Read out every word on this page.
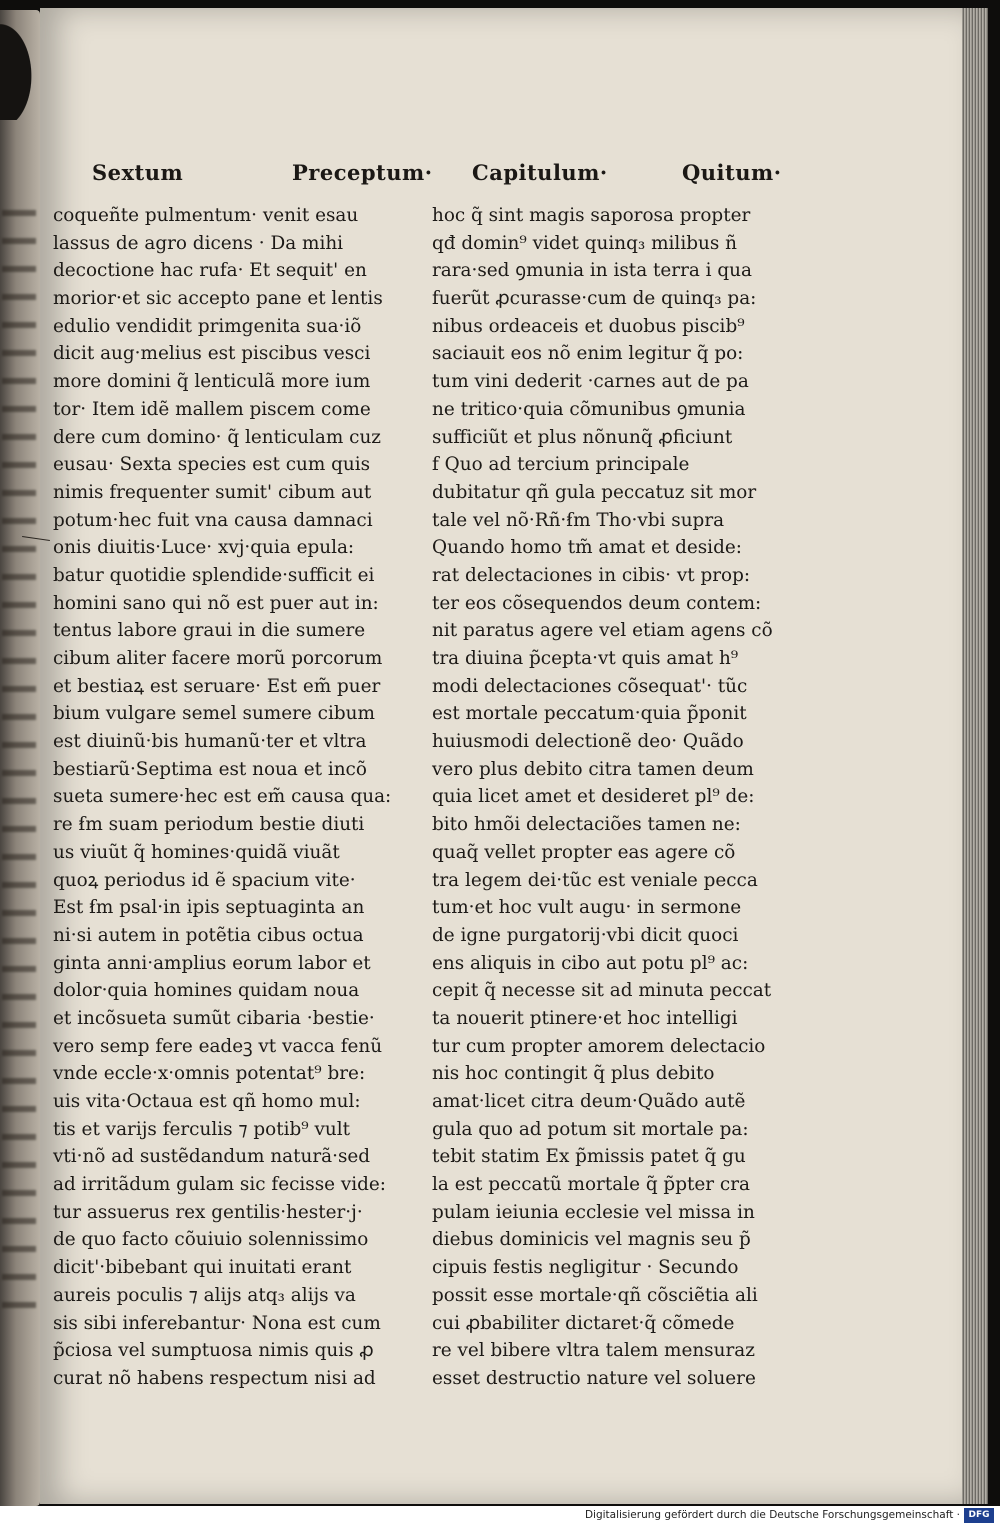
Sextum	Preceptum· Capitulum·	Quitum·
coqueñte pulmentum· venit esau
lassus de agro dicens · Da mihi
decoctione hac rufa· Et sequit' en
morior·et sic accepto pane et lentis
edulio vendidit primgenita sua·iõ
dicit aug·melius est piscibus vesci
more domini q̃ lenticulã more ium
tor· Item idẽ mallem piscem come
dere cum domino· q̃ lenticulam cuz
eusau· Sexta species est cum quis
nimis frequenter sumit' cibum aut
potum·hec fuit vna causa damnaci
onis diuitis·Luce· xvj·quia epula:
batur quotidie splendide·sufficit ei
homini sano qui nõ est puer aut in:
tentus labore graui in die sumere
cibum aliter facere morũ porcorum
et bestiaꝝ est seruare· Est em̃ puer
bium vulgare semel sumere cibum
est diuinũ·bis humanũ·ter et vltra
bestiarũ·Septima est noua et incõ
sueta sumere·hec est em̃ causa qua:
re ẜm suam periodum bestie diuti
us viuũt q̃ homines·quidã viuãt
quoꝝ periodus id ẽ spacium vite·
Est ẜm psal·in ipis septuaginta an
ni·si autem in potẽtia cibus octua
ginta anni·amplius eorum labor et
dolor·quia homines quidam noua
et incõsueta sumũt cibaria ·bestie·
vero semp fere eadeꝫ vt vacca fenũ
vnde eccle·x·omnis potentat⁹ bre:
uis vita·Octaua est qñ homo mul:
tis et varijs ferculis ⁊ potib⁹ vult
vti·nõ ad sustẽdandum naturã·sed
ad irritãdum gulam sic fecisse vide:
tur assuerus rex gentilis·hester·j·
de quo facto cõuiuio solennissimo
dicit'·bibebant qui inuitati erant
aureis poculis ⁊ alijs atq₃ alijs va
sis sibi inferebantur· Nona est cum
p̃ciosa vel sumptuosa nimis quis ꝓ
curat nõ habens respectum nisi ad
hoc q̃ sint magis saporosa propter
qđ domin⁹ videt quinq₃ milibus ñ
rara·sed ꝯmunia in ista terra i qua
fuerũt ꝓcurasse·cum de quinq₃ pa:
nibus ordeaceis et duobus piscib⁹
saciauit eos nõ enim legitur q̃ po:
tum vini dederit ·carnes aut de pa
ne tritico·quia cõmunibus ꝯmunia
sufficiũt et plus nõnunq̃ ꝓficiunt
f Quo ad tercium principale
dubitatur qñ gula peccatuz sit mor
tale vel nõ·Rñ·ẜm Tho·vbi supra
Quando homo tm̃ amat et deside:
rat delectaciones in cibis· vt prop:
ter eos cõsequendos deum contem:
nit paratus agere vel etiam agens cõ
tra diuina p̃cepta·vt quis amat h⁹
modi delectaciones cõsequat'· tũc
est mortale peccatum·quia p̃ponit
huiusmodi delectionẽ deo· Quãdo
vero plus debito citra tamen deum
quia licet amet et desideret pl⁹ de:
bito hmõi delectaciões tamen ne:
quaq̃ vellet propter eas agere cõ
tra legem dei·tũc est veniale pecca
tum·et hoc vult augu· in sermone
de igne purgatorij·vbi dicit quoci
ens aliquis in cibo aut potu pl⁹ ac:
cepit q̃ necesse sit ad minuta peccat
ta nouerit ptinere·et hoc intelligi
tur cum propter amorem delectacio
nis hoc contingit q̃ plus debito
amat·licet citra deum·Quãdo autẽ
gula quo ad potum sit mortale pa:
tebit statim Ex p̃missis patet q̃ gu
la est peccatũ mortale q̃ p̃pter cra
pulam ieiunia ecclesie vel missa in
diebus dominicis vel magnis seu p̃
cipuis festis negligitur · Secundo
possit esse mortale·qñ cõsciẽtia ali
cui ꝓbabiliter dictaret·q̃ cõmede
re vel bibere vltra talem mensuraz
esset destructio nature vel soluere
Digitalisierung gefördert durch die Deutsche Forschungsgemeinschaft · DFG
